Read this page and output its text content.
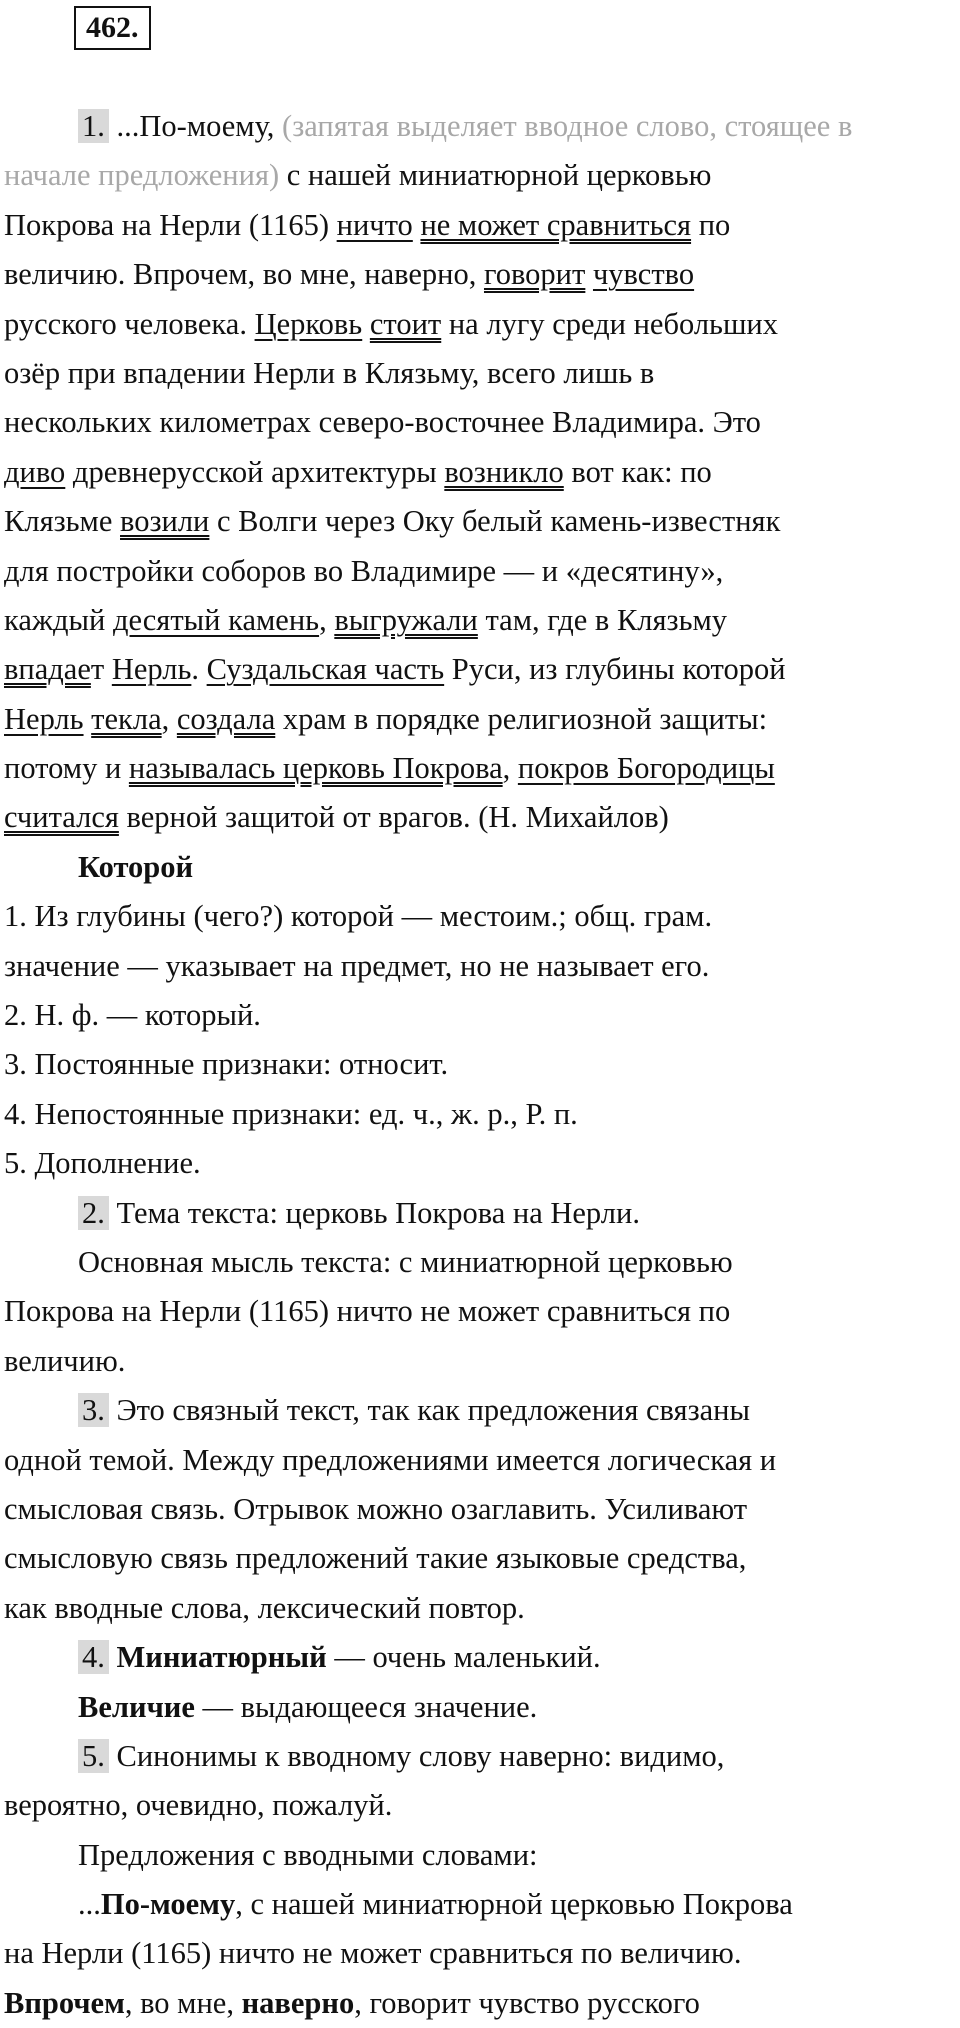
462.
1. ...По-моему, (запятая выделяет вводное слово, стоящее в
начале предложения) с нашей миниатюрной церковью
Покрова на Нерли (1165) ничто не может сравниться по
величию. Впрочем, во мне, наверно, говорит чувство
русского человека. Церковь стоит на лугу среди небольших
озёр при впадении Нерли в Клязьму, всего лишь в
нескольких километрах северо-восточнее Владимира. Это
диво древнерусской архитектуры возникло вот как: по
Клязьме возили с Волги через Оку белый камень-известняк
для постройки соборов во Владимире — и «десятину»,
каждый десятый камень, выгружали там, где в Клязьму
впадает Нерль. Суздальская часть Руси, из глубины которой
Нерль текла, создала храм в порядке религиозной защиты:
потому и называлась церковь Покрова, покров Богородицы
считался верной защитой от врагов. (Н. Михайлов)
Которой
1. Из глубины (чего?) которой — местоим.; общ. грам.
значение — указывает на предмет, но не называет его.
2. Н. ф. — который.
3. Постоянные признаки: относит.
4. Непостоянные признаки: ед. ч., ж. р., Р. п.
5. Дополнение.
2. Тема текста: церковь Покрова на Нерли.
Основная мысль текста: с миниатюрной церковью
Покрова на Нерли (1165) ничто не может сравниться по
величию.
3. Это связный текст, так как предложения связаны
одной темой. Между предложениями имеется логическая и
смысловая связь. Отрывок можно озаглавить. Усиливают
смысловую связь предложений такие языковые средства,
как вводные слова, лексический повтор.
4. Миниатюрный — очень маленький.
Величие — выдающееся значение.
5. Синонимы к вводному слову наверно: видимо,
вероятно, очевидно, пожалуй.
Предложения с вводными словами:
...По-моему, с нашей миниатюрной церковью Покрова
на Нерли (1165) ничто не может сравниться по величию.
Впрочем, во мне, наверно, говорит чувство русского
